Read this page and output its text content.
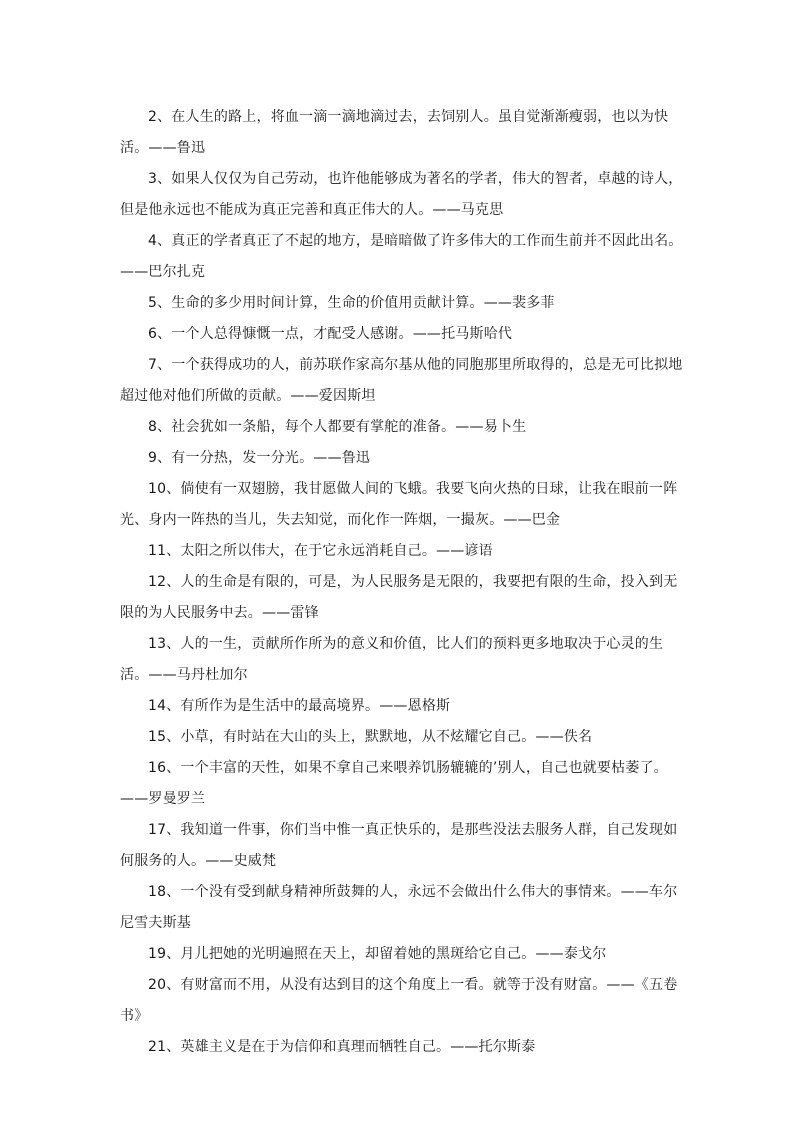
2、在人生的路上，将血一滴一滴地滴过去，去饲别人。虽自觉渐渐瘦弱，也以为快活。——鲁迅

3、如果人仅仅为自己劳动，也许他能够成为著名的学者，伟大的智者，卓越的诗人，但是他永远也不能成为真正完善和真正伟大的人。——马克思

4、真正的学者真正了不起的地方，是暗暗做了许多伟大的工作而生前并不因此出名。——巴尔扎克

5、生命的多少用时间计算，生命的价值用贡献计算。——裴多菲

6、一个人总得慷慨一点，才配受人感谢。——托马斯哈代

7、一个获得成功的人，前苏联作家高尔基从他的同胞那里所取得的，总是无可比拟地超过他对他们所做的贡献。——爱因斯坦

8、社会犹如一条船，每个人都要有掌舵的准备。——易卜生

9、有一分热，发一分光。——鲁迅

10、倘使有一双翅膀，我甘愿做人间的飞蛾。我要飞向火热的日球，让我在眼前一阵光、身内一阵热的当儿，失去知觉，而化作一阵烟，一撮灰。——巴金

11、太阳之所以伟大，在于它永远消耗自己。——谚语

12、人的生命是有限的，可是，为人民服务是无限的，我要把有限的生命，投入到无限的为人民服务中去。——雷锋

13、人的一生，贡献所作所为的意义和价值，比人们的预料更多地取决于心灵的生活。——马丹杜加尔

14、有所作为是生活中的最高境界。——恩格斯

15、小草，有时站在大山的头上，默默地，从不炫耀它自己。——佚名

16、一个丰富的天性，如果不拿自己来喂养饥肠辘辘的’别人，自己也就要枯萎了。——罗曼罗兰

17、我知道一件事，你们当中惟一真正快乐的，是那些没法去服务人群，自己发现如何服务的人。——史威梵

18、一个没有受到献身精神所鼓舞的人，永远不会做出什么伟大的事情来。——车尔尼雪夫斯基

19、月儿把她的光明遍照在天上，却留着她的黑斑给它自己。——泰戈尔

20、有财富而不用，从没有达到目的这个角度上一看。就等于没有财富。——《五卷书》

21、英雄主义是在于为信仰和真理而牺牲自己。——托尔斯泰
